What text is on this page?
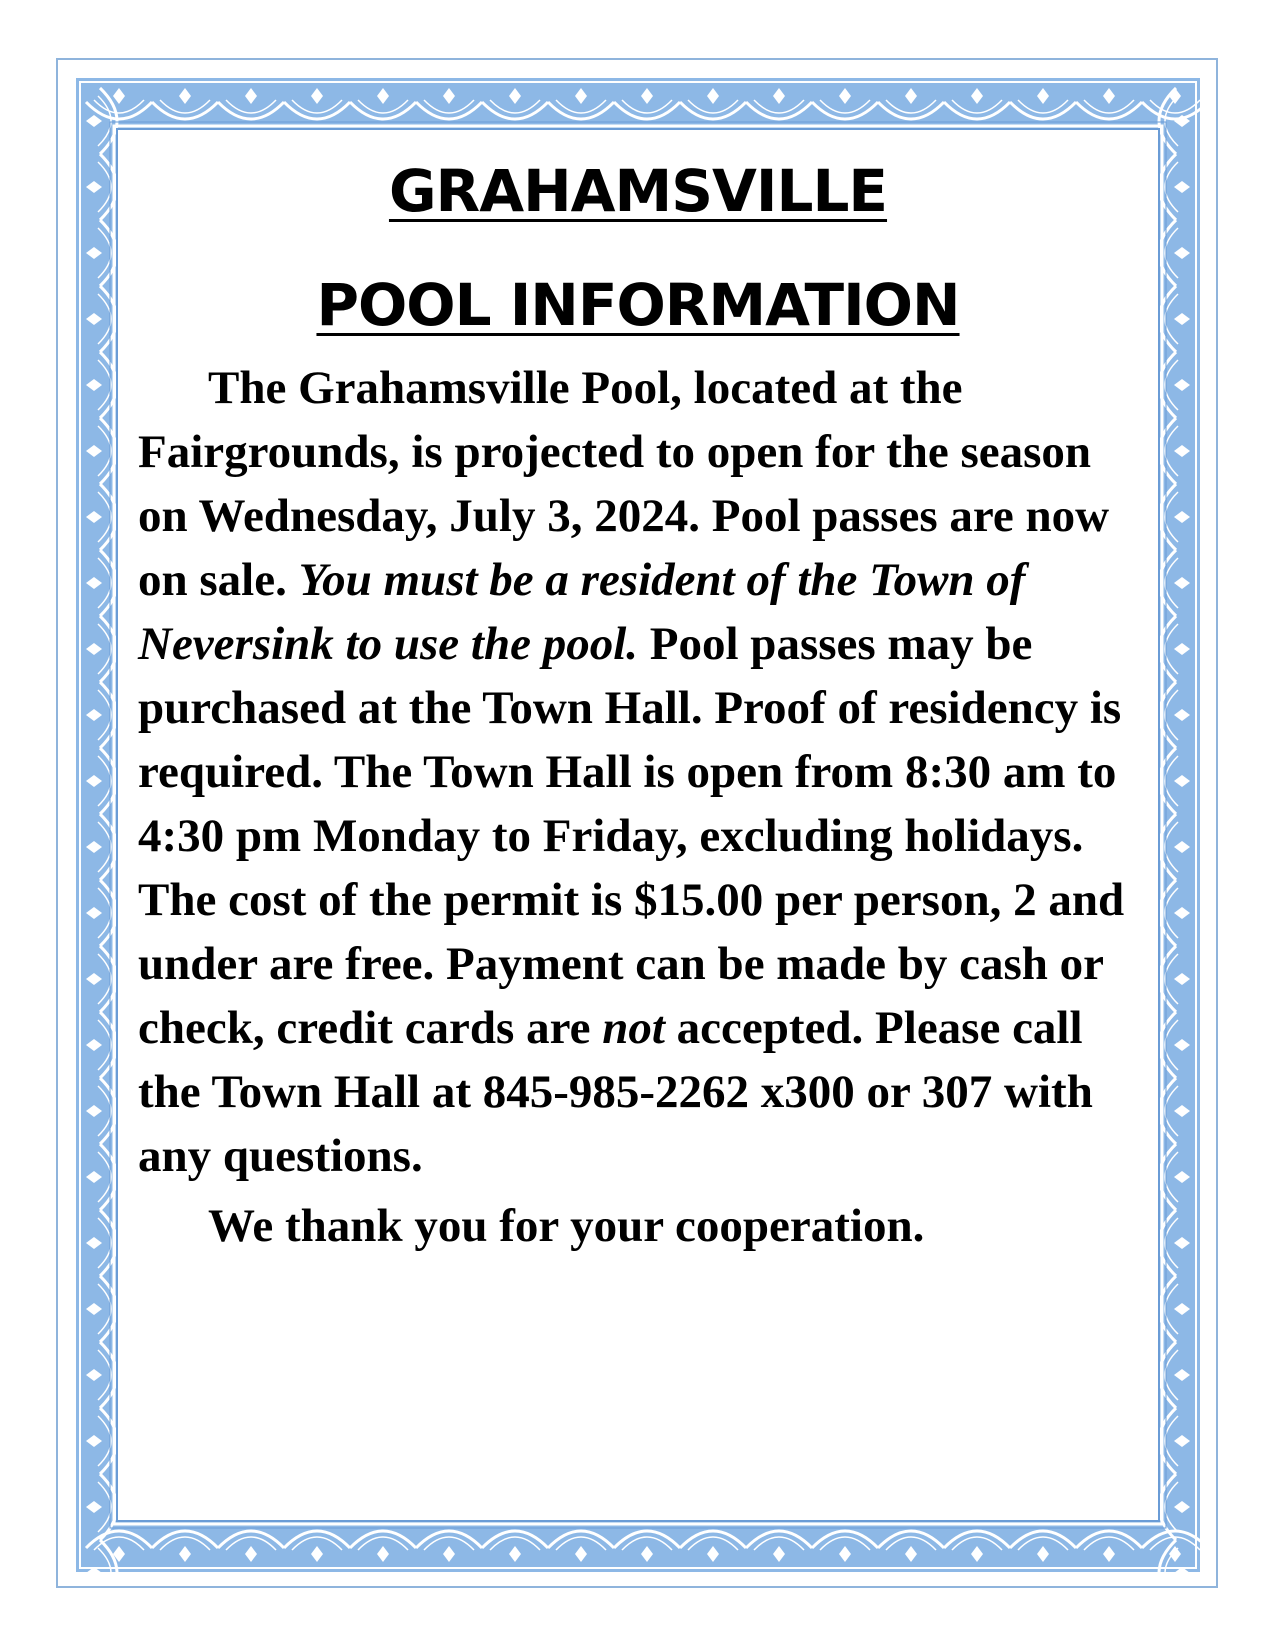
GRAHAMSVILLE
POOL INFORMATION

The Grahamsville Pool, located at the Fairgrounds, is projected to open for the season on Wednesday, July 3, 2024. Pool passes are now on sale. You must be a resident of the Town of Neversink to use the pool. Pool passes may be purchased at the Town Hall. Proof of residency is required. The Town Hall is open from 8:30 am to 4:30 pm Monday to Friday, excluding holidays. The cost of the permit is $15.00 per person, 2 and under are free. Payment can be made by cash or check, credit cards are not accepted. Please call the Town Hall at 845-985-2262 x300 or 307 with any questions.

We thank you for your cooperation.
